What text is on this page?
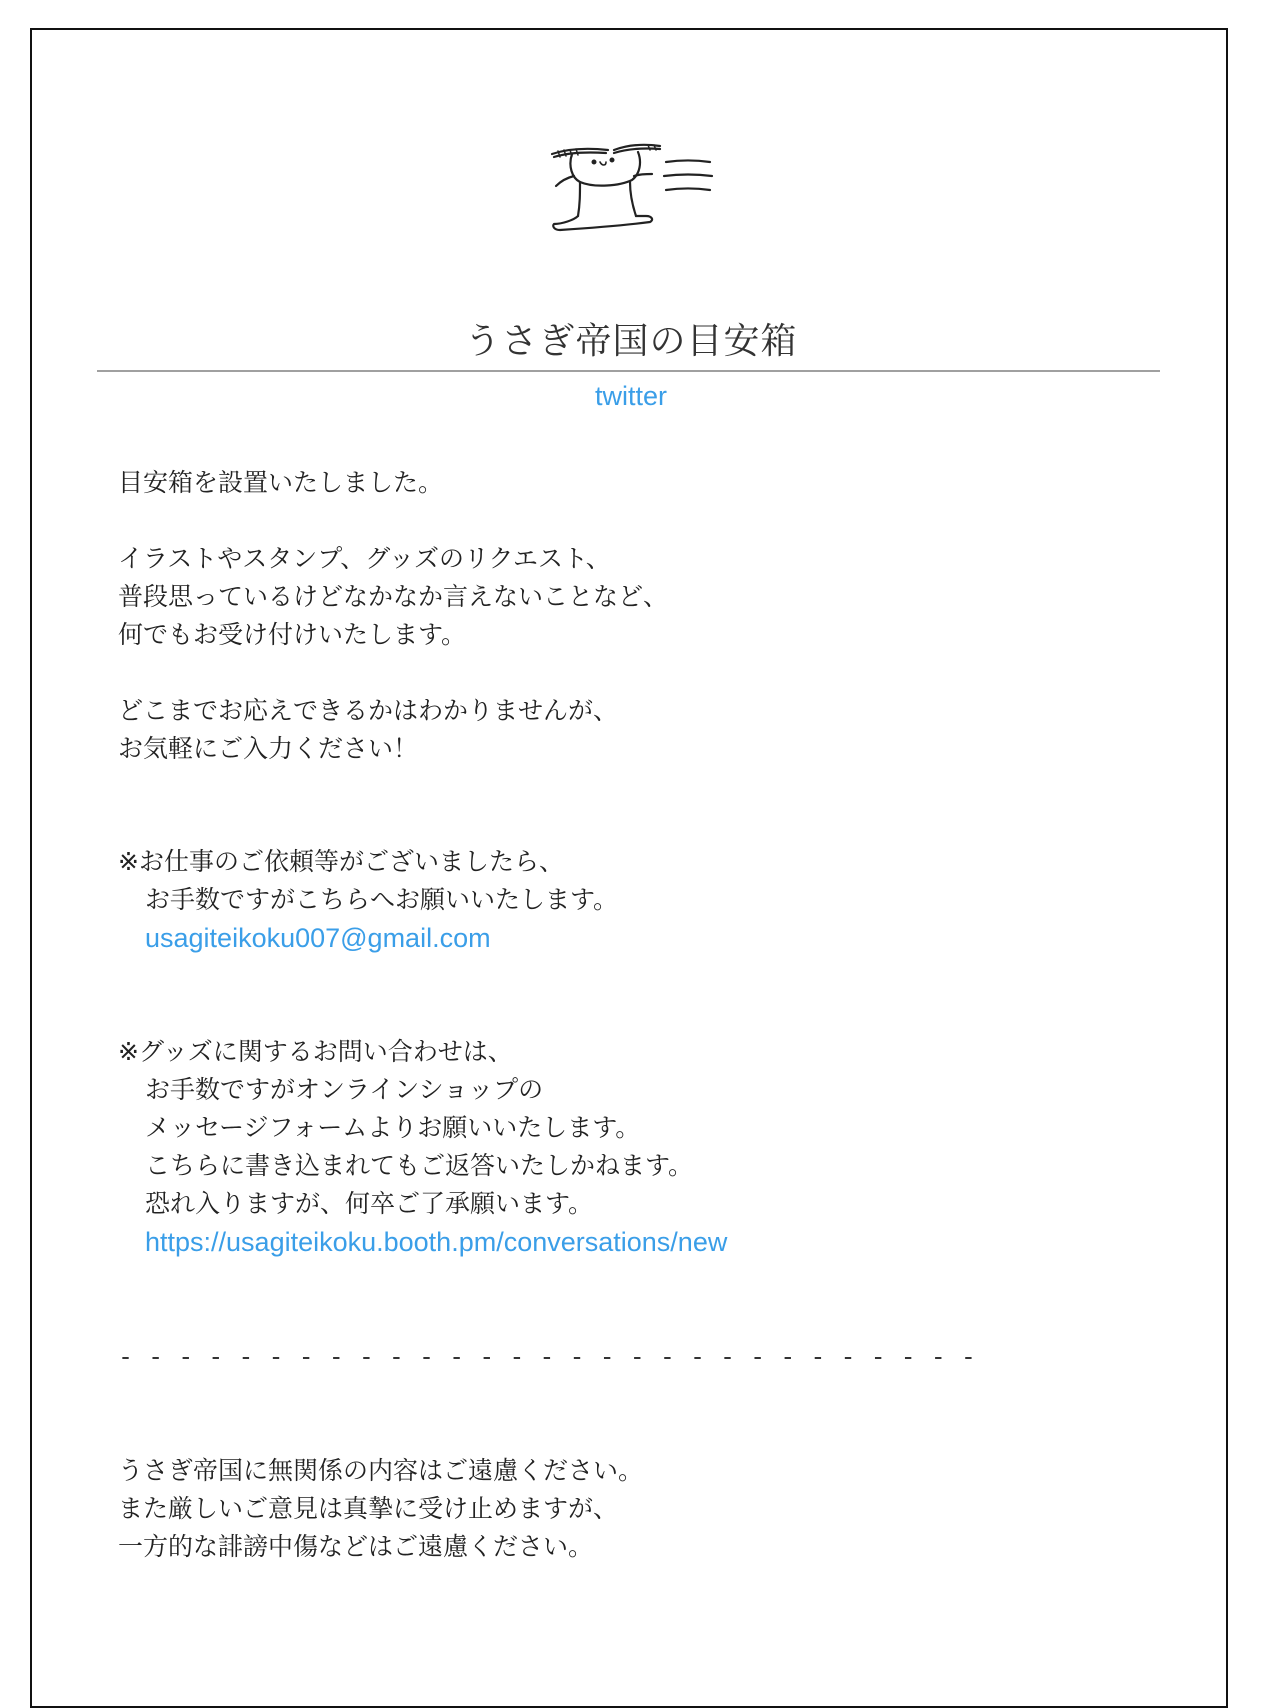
うさぎ帝国の目安箱
twitter
目安箱を設置いたしました。
イラストやスタンプ、グッズのリクエスト、
普段思っているけどなかなか言えないことなど、
何でもお受け付けいたします。
どこまでお応えできるかはわかりませんが、
お気軽にご入力ください！
※お仕事のご依頼等がございましたら、
お手数ですがこちらへお願いいたします。
usagiteikoku007@gmail.com
※グッズに関するお問い合わせは、
お手数ですがオンラインショップの
メッセージフォームよりお願いいたします。
こちらに書き込まれてもご返答いたしかねます。
恐れ入りますが、何卒ご了承願います。
https://usagiteikoku.booth.pm/conversations/new
- - - - - - - - - - - - - - - - - - - - - - - - - - - - -
うさぎ帝国に無関係の内容はご遠慮ください。
また厳しいご意見は真摯に受け止めますが、
一方的な誹謗中傷などはご遠慮ください。
